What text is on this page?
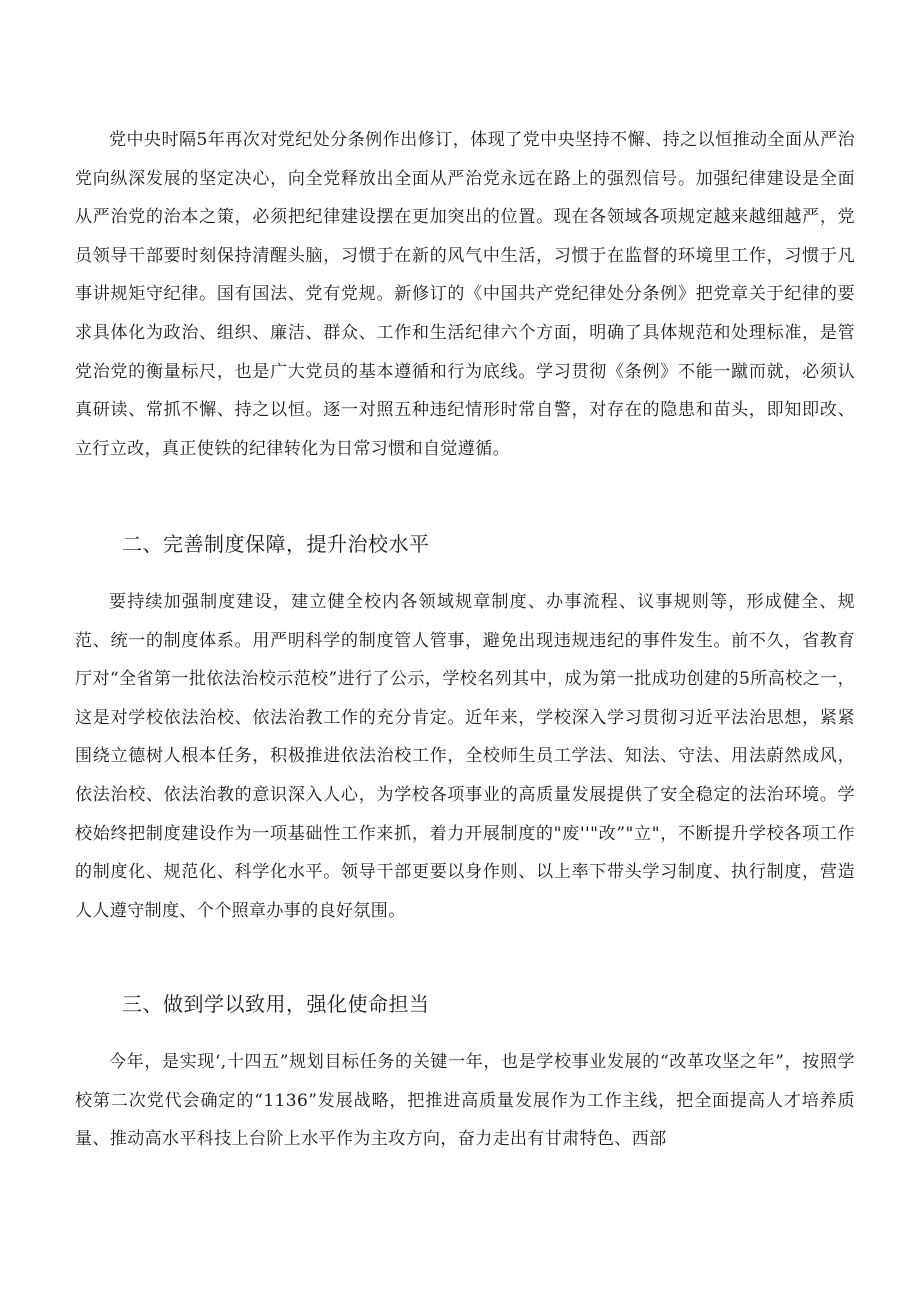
党中央时隔5年再次对党纪处分条例作出修订，体现了党中央坚持不懈、持之以恒推动全面从严治党向纵深发展的坚定决心，向全党释放出全面从严治党永远在路上的强烈信号。加强纪律建设是全面从严治党的治本之策，必须把纪律建设摆在更加突出的位置。现在各领域各项规定越来越细越严，党员领导干部要时刻保持清醒头脑，习惯于在新的风气中生活，习惯于在监督的环境里工作，习惯于凡事讲规矩守纪律。国有国法、党有党规。新修订的《中国共产党纪律处分条例》把党章关于纪律的要求具体化为政治、组织、廉洁、群众、工作和生活纪律六个方面，明确了具体规范和处理标准，是管党治党的衡量标尺，也是广大党员的基本遵循和行为底线。学习贯彻《条例》不能一蹴而就，必须认真研读、常抓不懈、持之以恒。逐一对照五种违纪情形时常自警，对存在的隐患和苗头，即知即改、立行立改，真正使铁的纪律转化为日常习惯和自觉遵循。

二、完善制度保障，提升治校水平

要持续加强制度建设，建立健全校内各领域规章制度、办事流程、议事规则等，形成健全、规范、统一的制度体系。用严明科学的制度管人管事，避免出现违规违纪的事件发生。前不久，省教育厅对“全省第一批依法治校示范校”进行了公示，学校名列其中，成为第一批成功创建的5所高校之一，这是对学校依法治校、依法治教工作的充分肯定。近年来，学校深入学习贯彻习近平法治思想，紧紧围绕立德树人根本任务，积极推进依法治校工作，全校师生员工学法、知法、守法、用法蔚然成风，依法治校、依法治教的意识深入人心，为学校各项事业的高质量发展提供了安全稳定的法治环境。学校始终把制度建设作为一项基础性工作来抓，着力开展制度的"废''"改”"立"，不断提升学校各项工作的制度化、规范化、科学化水平。领导干部更要以身作则、以上率下带头学习制度、执行制度，营造人人遵守制度、个个照章办事的良好氛围。

三、做到学以致用，强化使命担当

今年，是实现‘,十四五”规划目标任务的关键一年，也是学校事业发展的“改革攻坚之年”，按照学校第二次党代会确定的“1136”发展战略，把推进高质量发展作为工作主线，把全面提高人才培养质量、推动高水平科技上台阶上水平作为主攻方向，奋力走出有甘肃特色、西部
